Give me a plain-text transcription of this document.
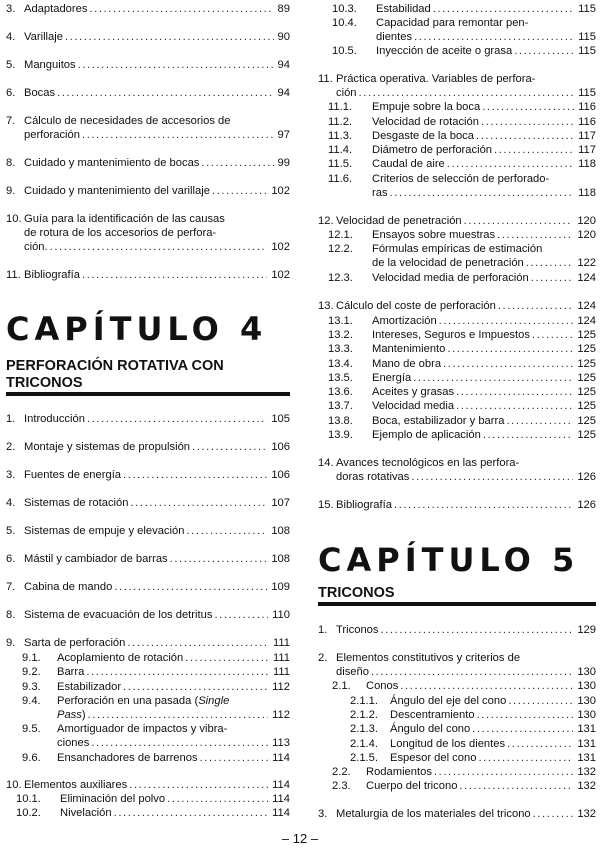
3. Adaptadores .....	89
4. Varillaje .....	90
5. Manguitos .....	94
6. Bocas .....	94
7. Cálculo de necesidades de accesorios de
perforación .....	97
8. Cuidado y mantenimiento de bocas .....	99
9. Cuidado y mantenimiento del varillaje .....	102
10. Guía para la identificación de las causas
de rotura de los accesorios de perfora-
ción. .....	102
11. Bibliografía .....	102
CAPÍTULO 4
PERFORACIÓN ROTATIVA CON
TRICONOS
1. Introducción .....	105
2. Montaje y sistemas de propulsión .....	106
3. Fuentes de energía .....	106
4. Sistemas de rotación .....	107
5. Sistemas de empuje y elevación .....	108
6. Mástil y cambiador de barras .....	108
7. Cabina de mando .....	109
8. Sistema de evacuación de los detritus .....	110
9. Sarta de perforación .....	111
9.1.	Acoplamiento de rotación .....	111
9.2.	Barra .....	111
9.3.	Estabilizador .....	112
9.4.	Perforación en una pasada ( Single
Pass) .....	112
9.5.	Amortiguador de impactos y vibra-
ciones .....	113
9.6.	Ensanchadores de barrenos .....	114
10. Elementos auxiliares .....	114
10.1.	Eliminación del polvo .....	114
10.2.	Nivelación .....	114
10.3.	Estabilidad .....	115
10.4.	Capacidad para remontar pen-
dientes .....	115
10.5.	Inyección de aceite o grasa .....	115
11. Práctica operativa. Variables de perfora-
ción .....	115
11.1.	Empuje sobre la boca .....	116
11.2.	Velocidad de rotación .....	116
11.3.	Desgaste de la boca .....	117
11.4.	Diámetro de perforación .....	117
11.5.	Caudal de aire .....	118
11.6.	Criterios de selección de perforado-
ras .....	118
12. Velocidad de penetración .....	120
12.1.	Ensayos sobre muestras .....	120
12.2.	Fórmulas empíricas de estimación
de la velocidad de penetración .....	122
12.3.	Velocidad media de perforación .....	124
13. Cálculo del coste de perforación .....	124
13.1.	Amortización .....	124
13.2.	Intereses, Seguros e Impuestos .....	125
13.3.	Mantenimiento .....	125
13.4.	Mano de obra .....	125
13.5.	Energía .....	125
13.6.	Aceites y grasas .....	125
13.7.	Velocidad media .....	125
13.8.	Boca, estabilizador y barra .....	125
13.9.	Ejemplo de aplicación .....	125
14. Avances tecnológicos en las perfora-
doras rotativas .....	126
15. Bibliografía .....	126
CAPÍTULO 5
TRICONOS
1. Triconos .....	129
2. Elementos constitutivos y criterios de
diseño .....	130
2.1.	Conos .....	130
2.1.1.	Ángulo del eje del cono .....	130
2.1.2.	Descentramiento .....	130
2.1.3.	Ángulo del cono .....	131
2.1.4.	Longitud de los dientes .....	131
2.1.5.	Espesor del cono .....	131
2.2.	Rodamientos .....	132
2.3.	Cuerpo del tricono .....	132
3. Metalurgia de los materiales del tricono .....	132
– 12 –
